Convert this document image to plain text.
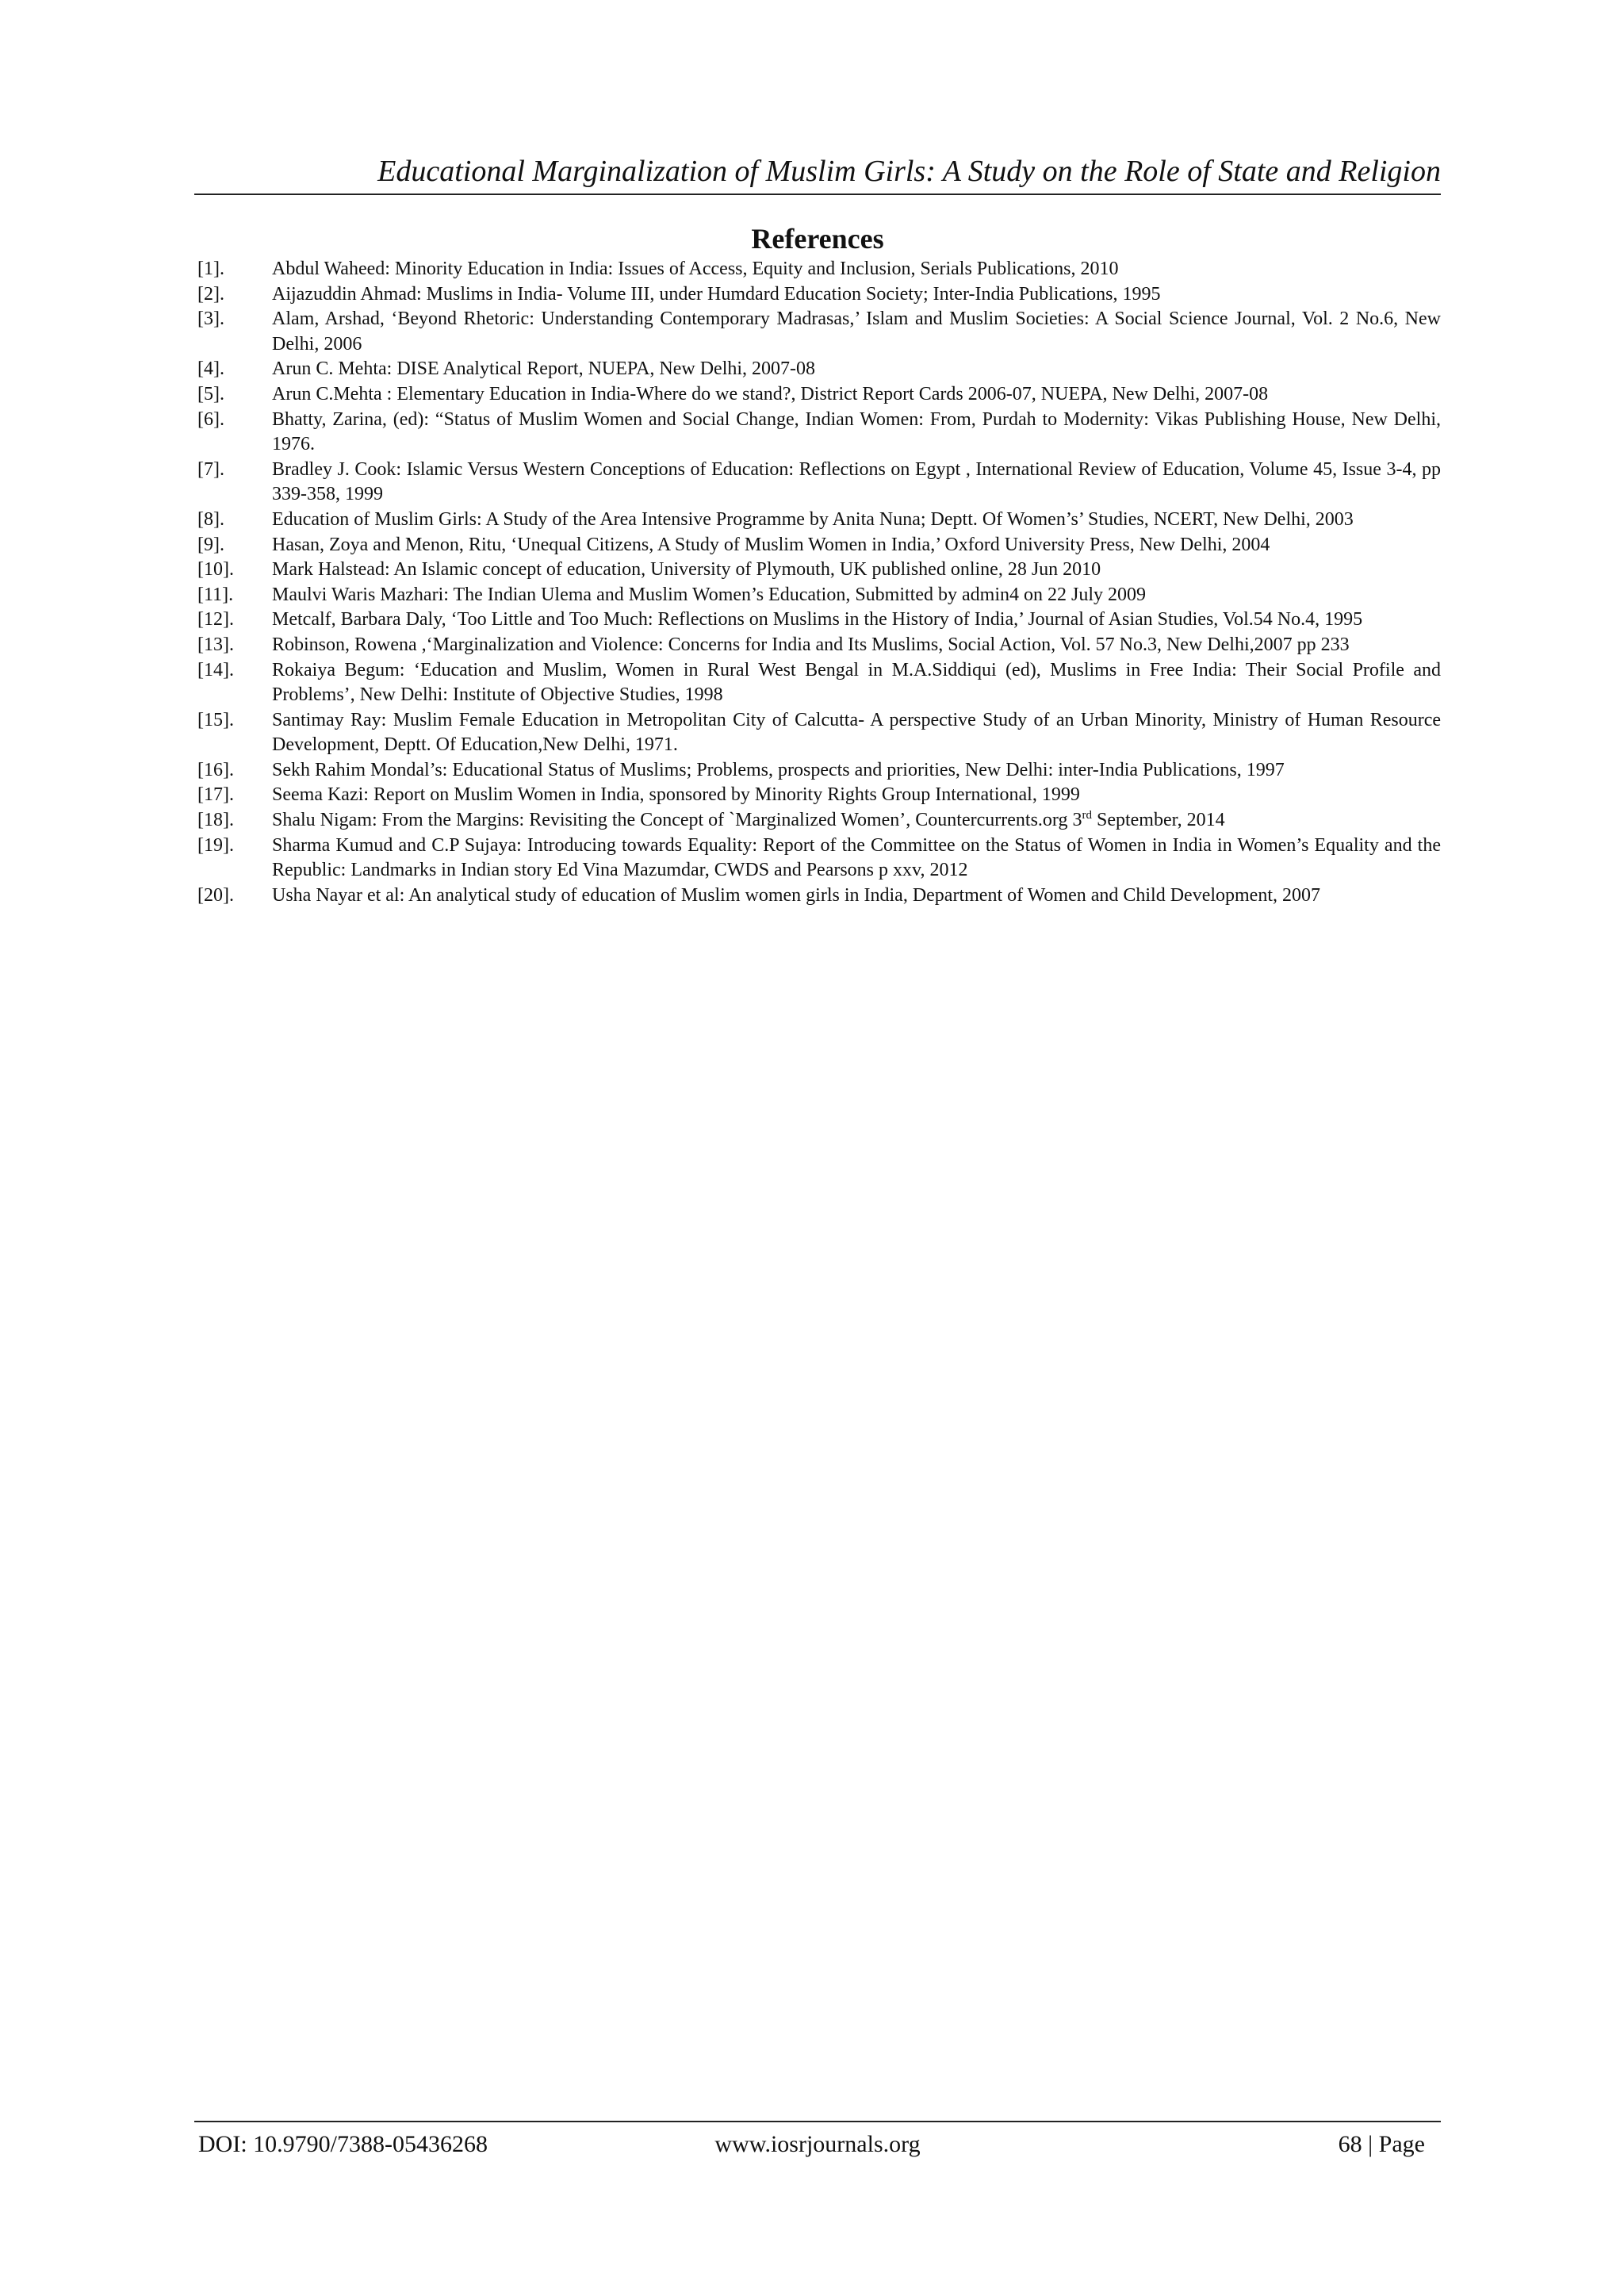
Educational Marginalization of Muslim Girls: A Study on the Role of State and Religion
References
[1].	Abdul Waheed: Minority Education in India: Issues of Access, Equity and Inclusion, Serials Publications, 2010
[2].	Aijazuddin Ahmad: Muslims in India- Volume III, under Humdard Education Society; Inter-India Publications, 1995
[3].	Alam, Arshad, ‘Beyond Rhetoric: Understanding Contemporary Madrasas,’ Islam and Muslim Societies: A Social Science Journal, Vol. 2 No.6, New Delhi, 2006
[4].	Arun C. Mehta: DISE Analytical Report, NUEPA, New Delhi, 2007-08
[5].	Arun C.Mehta : Elementary Education in India-Where do we stand?, District Report Cards 2006-07, NUEPA, New Delhi, 2007-08
[6].	Bhatty, Zarina, (ed): “Status of Muslim Women and Social Change, Indian Women: From, Purdah to Modernity: Vikas Publishing House, New Delhi, 1976.
[7].	Bradley J. Cook: Islamic Versus Western Conceptions of Education: Reflections on Egypt , International Review of Education, Volume 45, Issue 3-4, pp 339-358, 1999
[8].	Education of Muslim Girls: A Study of the Area Intensive Programme by Anita Nuna; Deptt. Of Women’s’ Studies, NCERT, New Delhi, 2003
[9].	Hasan, Zoya and Menon, Ritu, ‘Unequal Citizens, A Study of Muslim Women in India,’ Oxford University Press, New Delhi, 2004
[10]. Mark Halstead: An Islamic concept of education, University of Plymouth, UK published online, 28 Jun 2010
[11]. Maulvi Waris Mazhari: The Indian Ulema and Muslim Women’s Education, Submitted by admin4 on 22 July 2009
[12]. Metcalf, Barbara Daly, ‘Too Little and Too Much: Reflections on Muslims in the History of India,’ Journal of Asian Studies, Vol.54 No.4, 1995
[13]. Robinson, Rowena ,‘Marginalization and Violence: Concerns for India and Its Muslims, Social Action, Vol. 57 No.3, New Delhi,2007 pp 233
[14]. Rokaiya Begum: ‘Education and Muslim, Women in Rural West Bengal in M.A.Siddiqui (ed), Muslims in Free India: Their Social Profile and Problems’, New Delhi: Institute of Objective Studies, 1998
[15]. Santimay Ray: Muslim Female Education in Metropolitan City of Calcutta- A perspective Study of an Urban Minority, Ministry of Human Resource Development, Deptt. Of Education,New Delhi, 1971.
[16]. Sekh Rahim Mondal’s: Educational Status of Muslims; Problems, prospects and priorities, New Delhi: inter-India Publications, 1997
[17]. Seema Kazi: Report on Muslim Women in India, sponsored by Minority Rights Group International, 1999
[18]. Shalu Nigam: From the Margins: Revisiting the Concept of `Marginalized Women’, Countercurrents.org 3rd September, 2014
[19]. Sharma Kumud and C.P Sujaya: Introducing towards Equality: Report of the Committee on the Status of Women in India in Women’s Equality and the Republic: Landmarks in Indian story Ed Vina Mazumdar, CWDS and Pearsons p xxv, 2012
[20]. Usha Nayar et al: An analytical study of education of Muslim women girls in India, Department of Women and Child Development, 2007
DOI: 10.9790/7388-05436268	www.iosrjournals.org	68 | Page
